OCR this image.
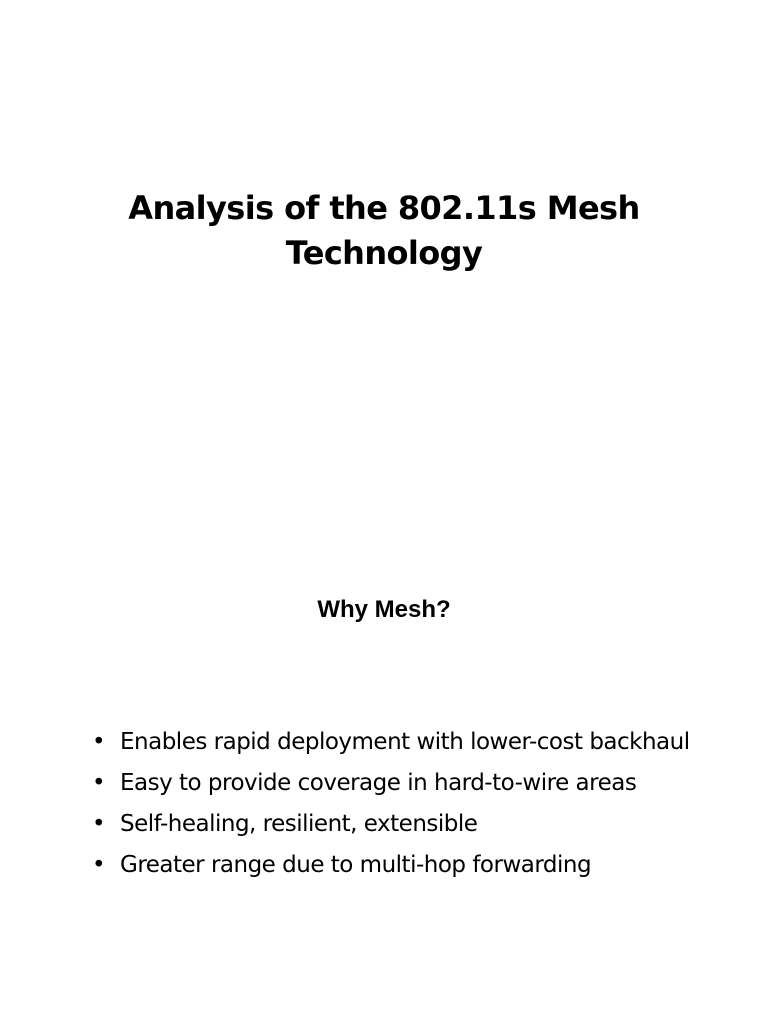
Analysis of the 802.11s Mesh
Technology
Why Mesh?
• Enables rapid deployment with lower-cost backhaul
• Easy to provide coverage in hard-to-wire areas
• Self-healing, resilient, extensible
• Greater range due to multi-hop forwarding
